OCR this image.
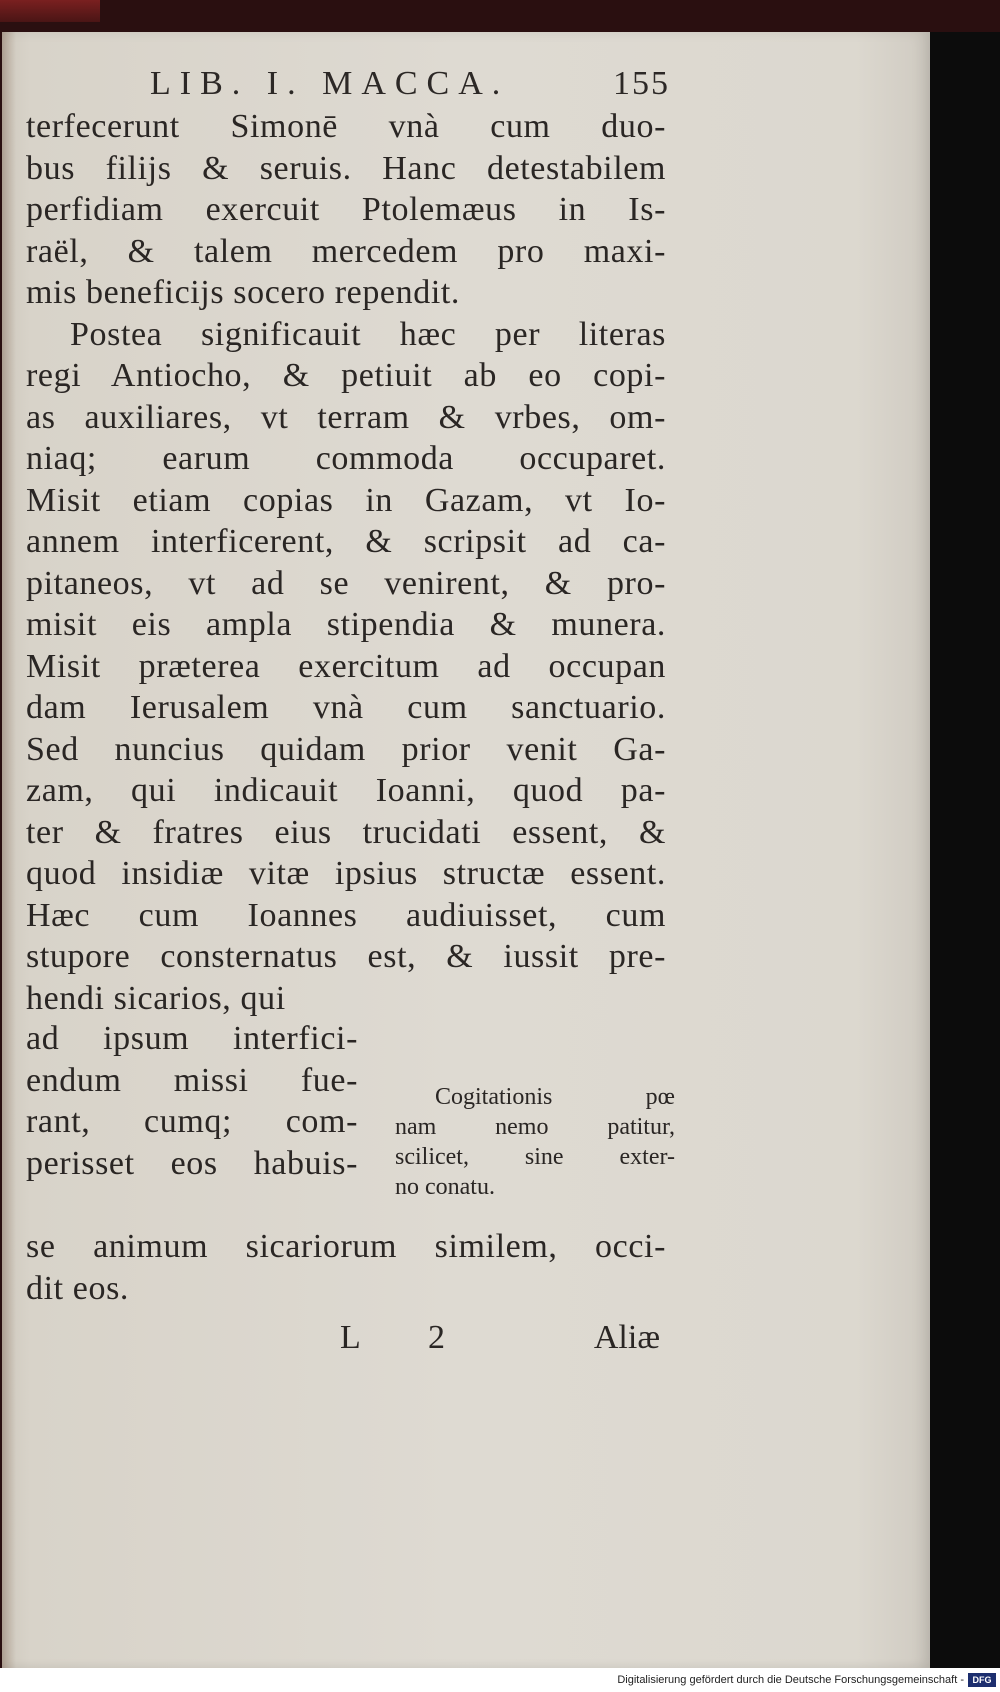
LIB. I. MACCA.	155
terfecerunt Simonē vnà cum duo-
bus filijs & seruis. Hanc detestabilem
perfidiam exercuit Ptolemæus in Is-
raël, & talem mercedem pro maxi-
mis beneficijs socero rependit.
Postea significauit hæc per literas
regi Antiocho, & petiuit ab eo copi-
as auxiliares, vt terram & vrbes, om-
niaq; earum commoda occuparet.
Misit etiam copias in Gazam, vt Io-
annem interficerent, & scripsit ad ca-
pitaneos, vt ad se venirent, & pro-
misit eis ampla stipendia & munera.
Misit præterea exercitum ad occupan
dam Ierusalem vnà cum sanctuario.
Sed nuncius quidam prior venit Ga-
zam, qui indicauit Ioanni, quod pa-
ter & fratres eius trucidati essent, &
quod insidiæ vitæ ipsius structæ essent.
Hæc cum Ioannes audiuisset, cum
stupore consternatus est, & iussit pre-
hendi sicarios, qui
ad ipsum interfici-
endum missi fue-
rant, cumq; com-
perisset eos habuis-
Cogitationis pœ
nam nemo patitur,
scilicet, sine exter-
no conatu.
se animum sicariorum similem, occi-
dit eos.
L 2	Aliæ
Digitalisierung gefördert durch die Deutsche Forschungsgemeinschaft - DFG
